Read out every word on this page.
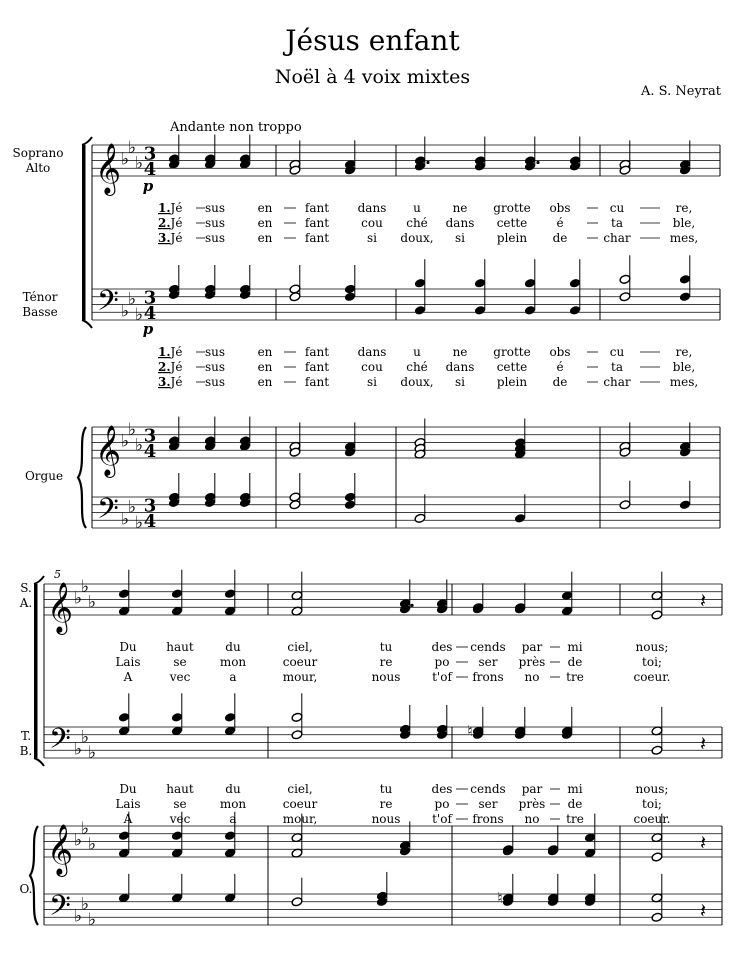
Jésus enfant
Noël à 4 voix mixtes
A. S. Neyrat
Andante non troppo
Soprano
Alto
Ténor
Basse
Orgue
𝄞
𝄞
𝄢
𝄢
♭
♭
♭
♭
♭
♭
♭
♭
♭
♭
♭
♭
3
4
3
4
3
4
3
4
p
p
1.Jé sus	en	fant dans u	ne grotte obs	cu	re,
2.Jé sus	en	fant	cou ché dans cette é	ta	ble,
3.Jé sus	en	fant	si doux, si	plein de	char	mes,
1.Jé sus	en	fant dans u	ne grotte obs	cu	re,
2.Jé sus	en	fant	cou ché dans cette é	ta	ble,
3.Jé sus	en	fant	si doux, si	plein de	char	mes,
5
S.
A.
T.
B.
O.
𝄞
𝄞
𝄢
𝄢
♭
♭
♭
♭
♭
♭
♭
♭
♭
♭
♭
♭
𝄽
𝄽
♮
𝄽
♮
𝄽
Du haut	du	ciel,	tu	des cends par mi	nous;
Lais	se	mon	coeur	re	po ser près de	toi;
A	vec	a	mour,	nous	t'of frons no tre	coeur.
Du haut	du	ciel,	tu	des cends par mi	nous;
Lais	se	mon	coeur	re	po ser près de	toi;
A	vec	a	mour,	nous	t'of frons no tre	coeur.
